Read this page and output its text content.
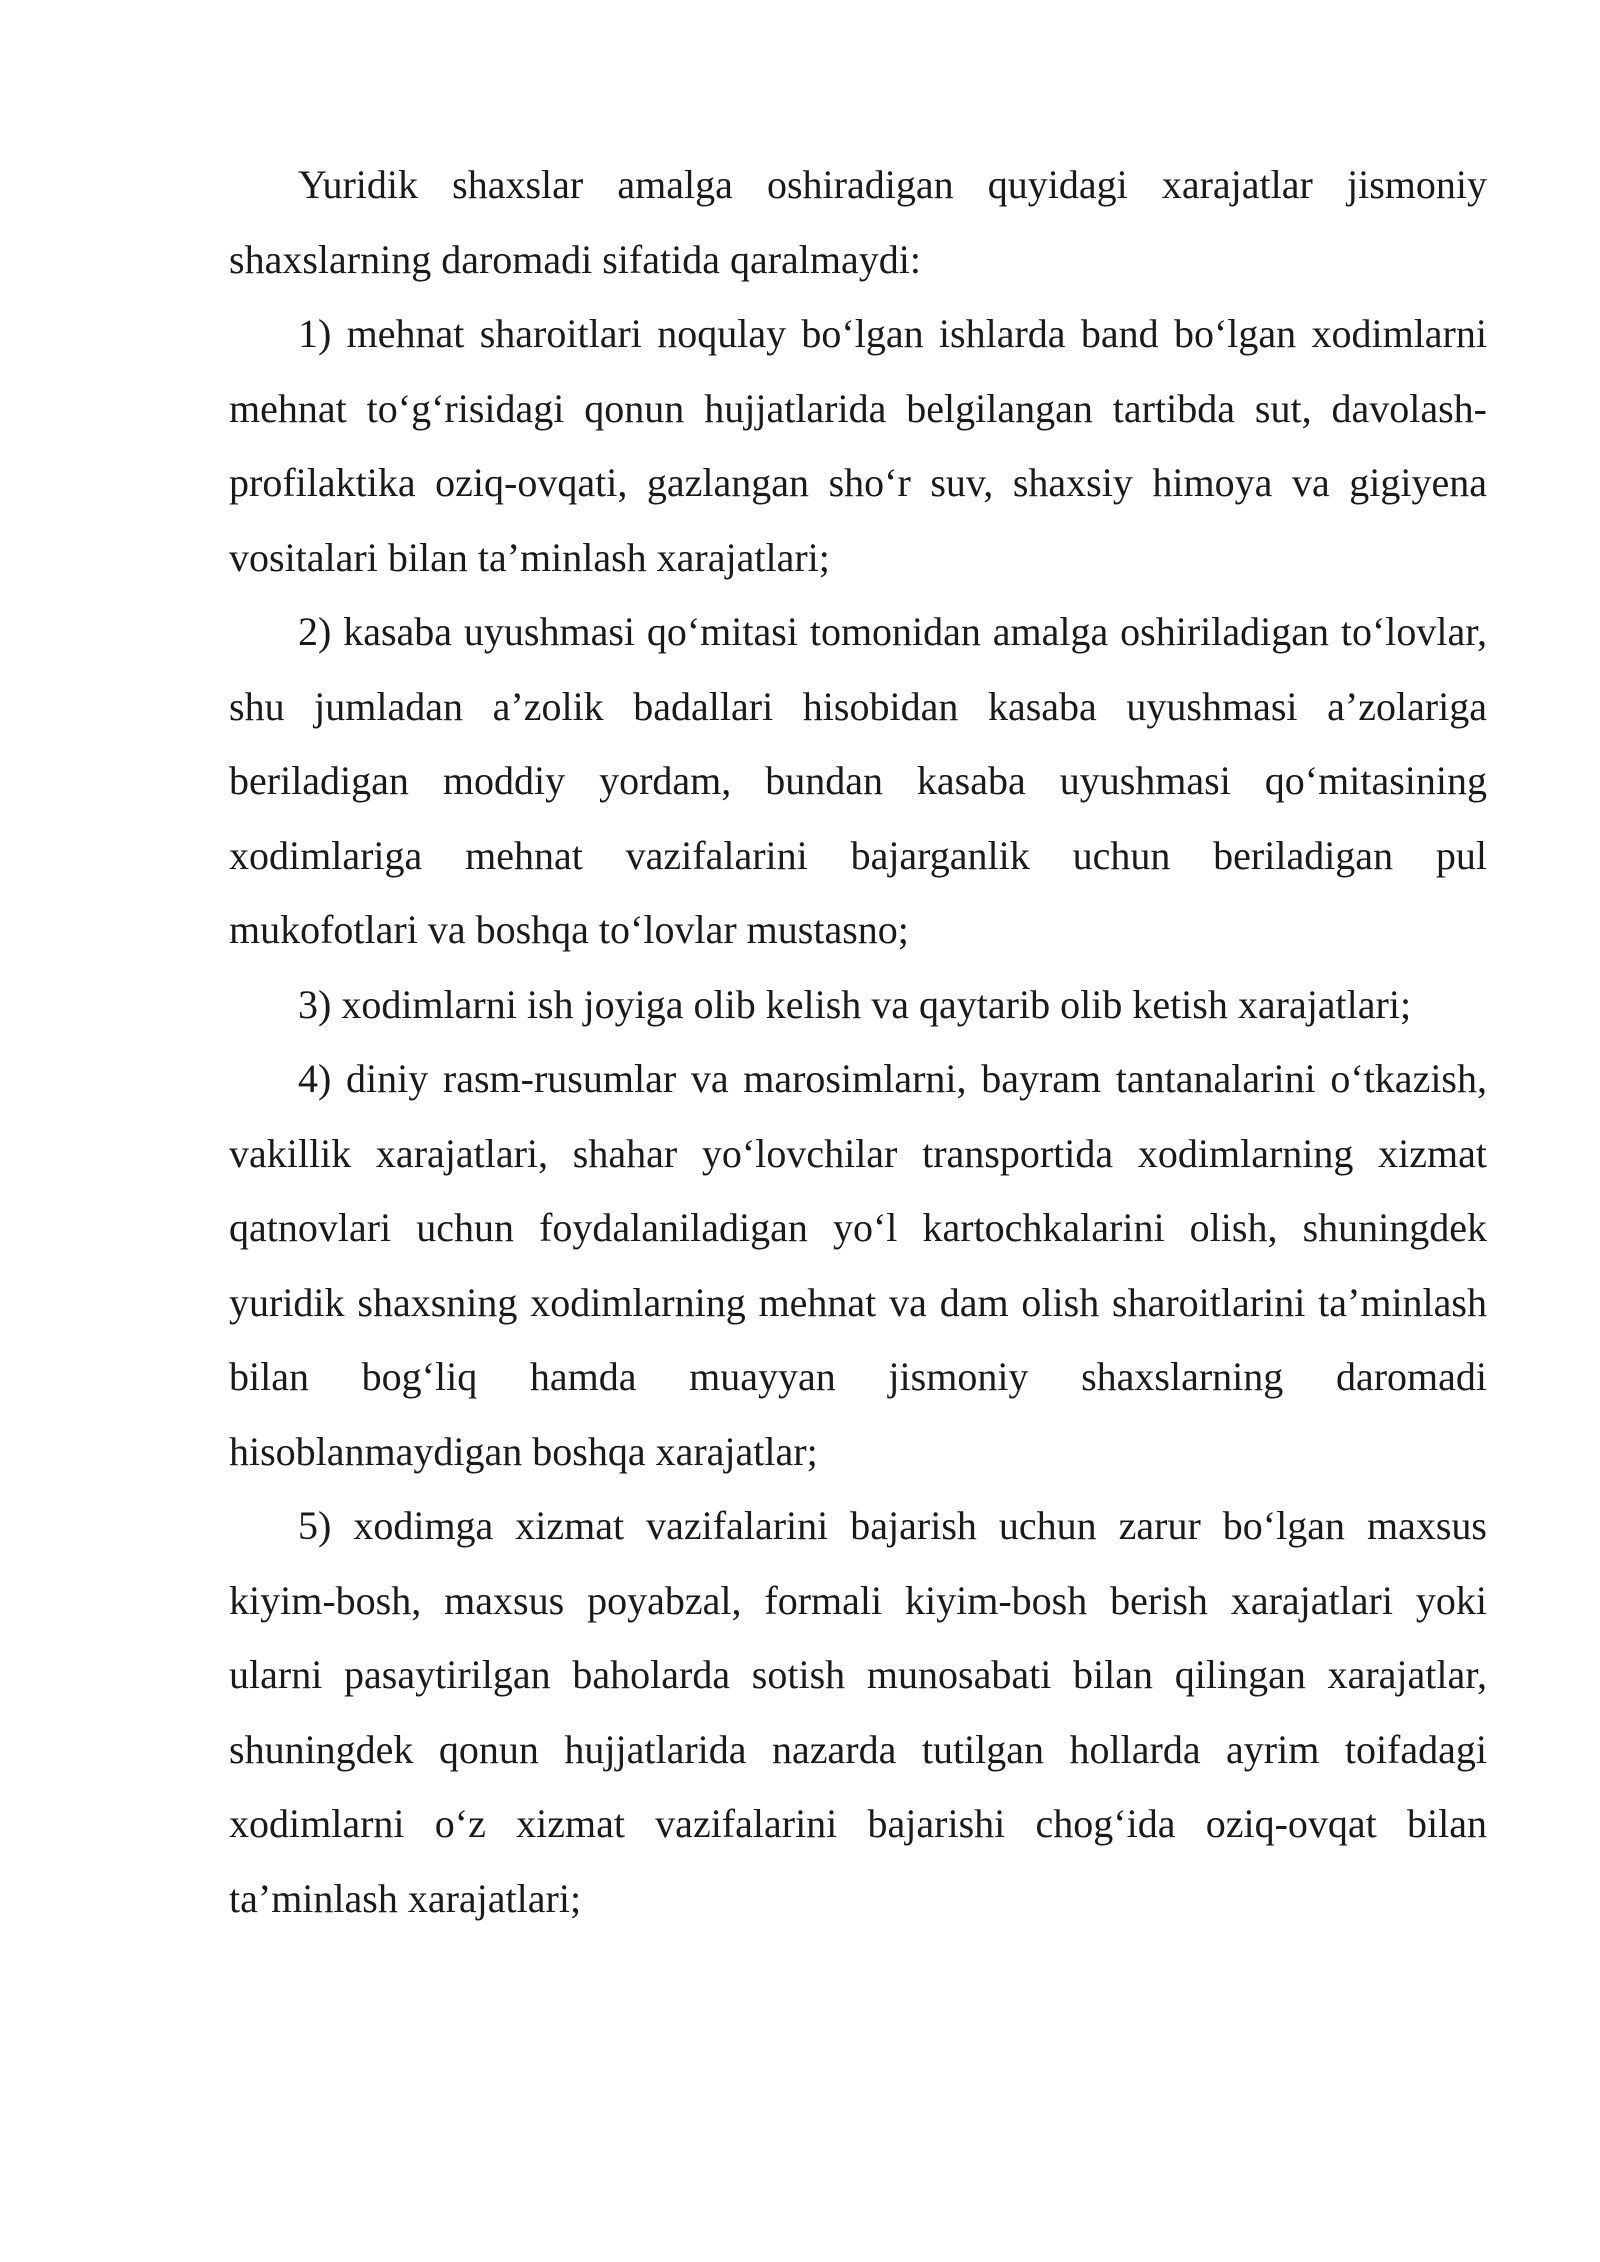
Yuridik shaxslar amalga oshiradigan quyidagi xarajatlar jismoniy shaxslarning daromadi sifatida qaralmaydi:

1) mehnat sharoitlari noqulay bo‘lgan ishlarda band bo‘lgan xodimlarni mehnat to‘g‘risidagi qonun hujjatlarida belgilangan tartibda sut, davolash-profilaktika oziq-ovqati, gazlangan sho‘r suv, shaxsiy himoya va gigiyena vositalari bilan ta’minlash xarajatlari;

2) kasaba uyushmasi qo‘mitasi tomonidan amalga oshiriladigan to‘lovlar, shu jumladan a’zolik badallari hisobidan kasaba uyushmasi a’zolariga beriladigan moddiy yordam, bundan kasaba uyushmasi qo‘mitasining xodimlariga mehnat vazifalarini bajarganlik uchun beriladigan pul mukofotlari va boshqa to‘lovlar mustasno;

3) xodimlarni ish joyiga olib kelish va qaytarib olib ketish xarajatlari;

4) diniy rasm-rusumlar va marosimlarni, bayram tantanalarini o‘tkazish, vakillik xarajatlari, shahar yo‘lovchilar transportida xodimlarning xizmat qatnovlari uchun foydalaniladigan yo‘l kartochkalarini olish, shuningdek yuridik shaxsning xodimlarning mehnat va dam olish sharoitlarini ta’minlash bilan bog‘liq hamda muayyan jismoniy shaxslarning daromadi hisoblanmaydigan boshqa xarajatlar;

5) xodimga xizmat vazifalarini bajarish uchun zarur bo‘lgan maxsus kiyim-bosh, maxsus poyabzal, formali kiyim-bosh berish xarajatlari yoki ularni pasaytirilgan baholarda sotish munosabati bilan qilingan xarajatlar, shuningdek qonun hujjatlarida nazarda tutilgan hollarda ayrim toifadagi xodimlarni o‘z xizmat vazifalarini bajarishi chog‘ida oziq-ovqat bilan ta’minlash xarajatlari;
